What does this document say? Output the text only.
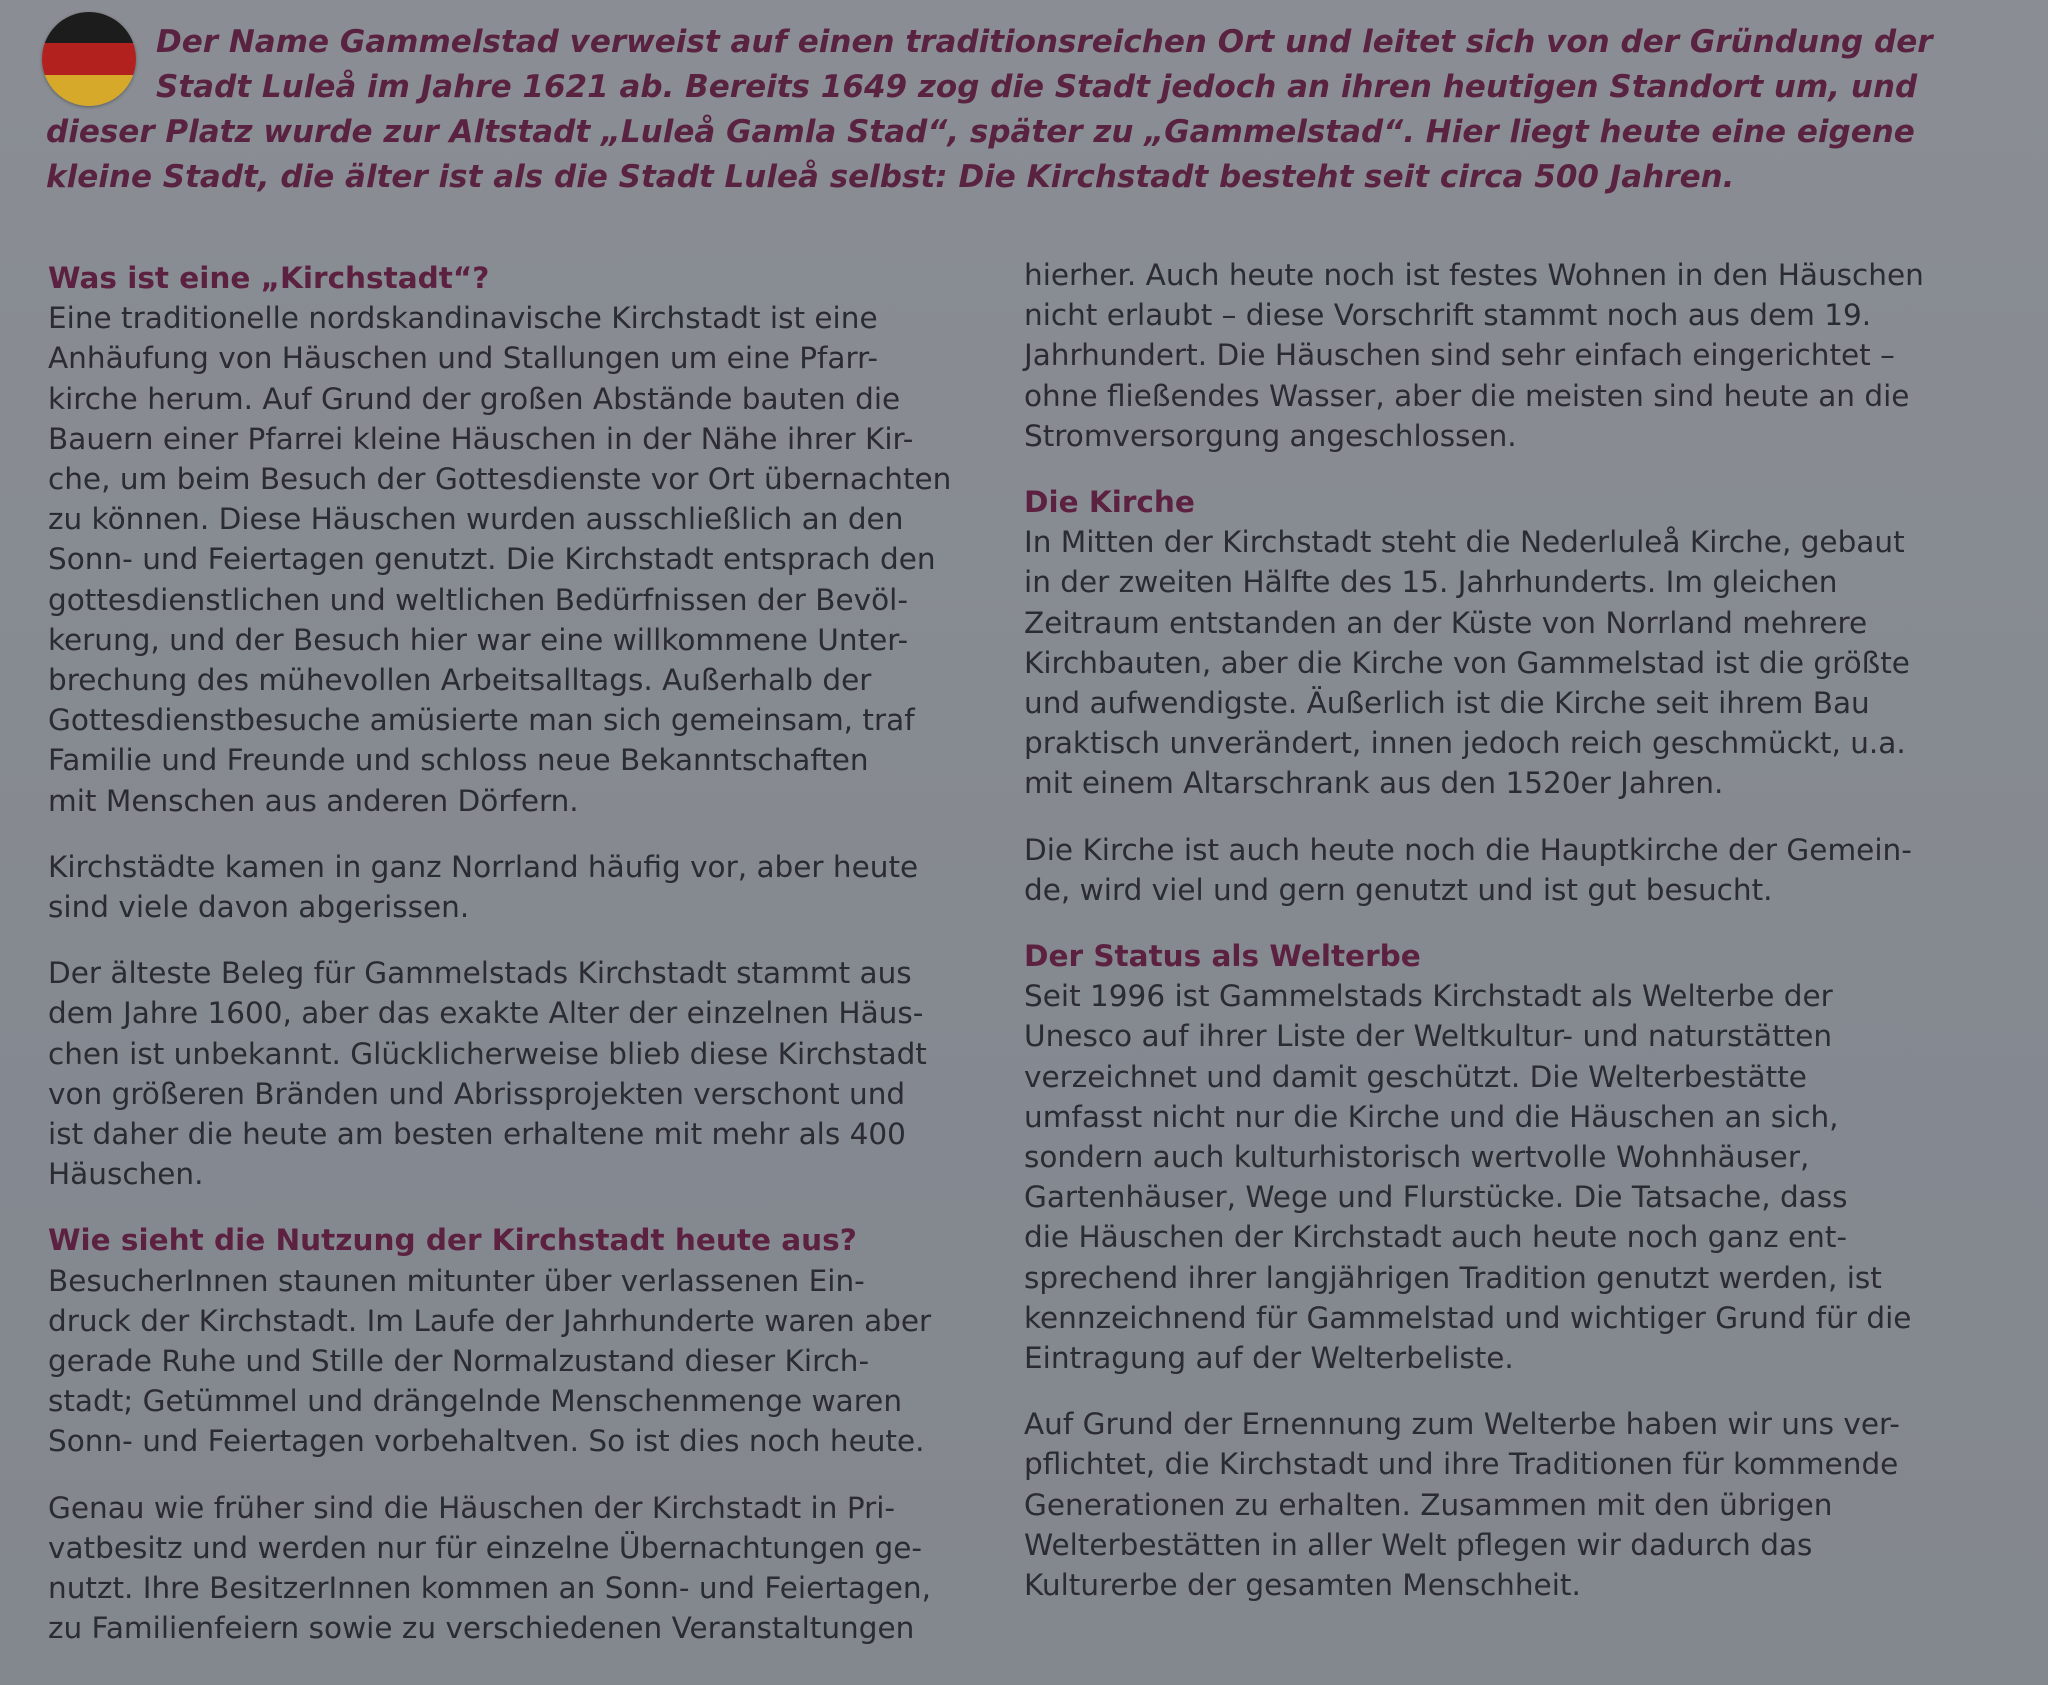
Der Name Gammelstad verweist auf einen traditionsreichen Ort und leitet sich von der Gründung der Stadt Luleå im Jahre 1621 ab. Bereits 1649 zog die Stadt jedoch an ihren heutigen Standort um, und dieser Platz wurde zur Altstadt „Luleå Gamla Stad“, später zu „Gammelstad“. Hier liegt heute eine eigene kleine Stadt, die älter ist als die Stadt Luleå selbst: Die Kirchstadt besteht seit circa 500 Jahren.

Was ist eine „Kirchstadt“?

Eine traditionelle nordskandinavische Kirchstadt ist eine
Anhäufung von Häuschen und Stallungen um eine Pfarr-
kirche herum. Auf Grund der großen Abstände bauten die
Bauern einer Pfarrei kleine Häuschen in der Nähe ihrer Kir-
che, um beim Besuch der Gottesdienste vor Ort übernachten
zu können. Diese Häuschen wurden ausschließlich an den
Sonn- und Feiertagen genutzt. Die Kirchstadt entsprach den
gottesdienstlichen und weltlichen Bedürfnissen der Bevöl-
kerung, und der Besuch hier war eine willkommene Unter-
brechung des mühevollen Arbeitsalltags. Außerhalb der
Gottesdienstbesuche amüsierte man sich gemeinsam, traf
Familie und Freunde und schloss neue Bekanntschaften
mit Menschen aus anderen Dörfern.

Kirchstädte kamen in ganz Norrland häufig vor, aber heute
sind viele davon abgerissen.

Der älteste Beleg für Gammelstads Kirchstadt stammt aus
dem Jahre 1600, aber das exakte Alter der einzelnen Häus-
chen ist unbekannt. Glücklicherweise blieb diese Kirchstadt
von größeren Bränden und Abrissprojekten verschont und
ist daher die heute am besten erhaltene mit mehr als 400
Häuschen.

Wie sieht die Nutzung der Kirchstadt heute aus?

BesucherInnen staunen mitunter über verlassenen Ein-
druck der Kirchstadt. Im Laufe der Jahrhunderte waren aber
gerade Ruhe und Stille der Normalzustand dieser Kirch-
stadt; Getümmel und drängelnde Menschenmenge waren
Sonn- und Feiertagen vorbehaltven. So ist dies noch heute.

Genau wie früher sind die Häuschen der Kirchstadt in Pri-
vatbesitz und werden nur für einzelne Übernachtungen ge-
nutzt. Ihre BesitzerInnen kommen an Sonn- und Feiertagen,
zu Familienfeiern sowie zu verschiedenen Veranstaltungen

hierher. Auch heute noch ist festes Wohnen in den Häuschen
nicht erlaubt – diese Vorschrift stammt noch aus dem 19.
Jahrhundert. Die Häuschen sind sehr einfach eingerichtet –
ohne fließendes Wasser, aber die meisten sind heute an die
Stromversorgung angeschlossen.

Die Kirche

In Mitten der Kirchstadt steht die Nederluleå Kirche, gebaut
in der zweiten Hälfte des 15. Jahrhunderts. Im gleichen
Zeitraum entstanden an der Küste von Norrland mehrere
Kirchbauten, aber die Kirche von Gammelstad ist die größte
und aufwendigste. Äußerlich ist die Kirche seit ihrem Bau
praktisch unverändert, innen jedoch reich geschmückt, u.a.
mit einem Altarschrank aus den 1520er Jahren.

Die Kirche ist auch heute noch die Hauptkirche der Gemein-
de, wird viel und gern genutzt und ist gut besucht.

Der Status als Welterbe

Seit 1996 ist Gammelstads Kirchstadt als Welterbe der
Unesco auf ihrer Liste der Weltkultur- und naturstätten
verzeichnet und damit geschützt. Die Welterbestätte
umfasst nicht nur die Kirche und die Häuschen an sich,
sondern auch kulturhistorisch wertvolle Wohnhäuser,
Gartenhäuser, Wege und Flurstücke. Die Tatsache, dass
die Häuschen der Kirchstadt auch heute noch ganz ent-
sprechend ihrer langjährigen Tradition genutzt werden, ist
kennzeichnend für Gammelstad und wichtiger Grund für die
Eintragung auf der Welterbeliste.

Auf Grund der Ernennung zum Welterbe haben wir uns ver-
pflichtet, die Kirchstadt und ihre Traditionen für kommende
Generationen zu erhalten. Zusammen mit den übrigen
Welterbestätten in aller Welt pflegen wir dadurch das
Kulturerbe der gesamten Menschheit.
